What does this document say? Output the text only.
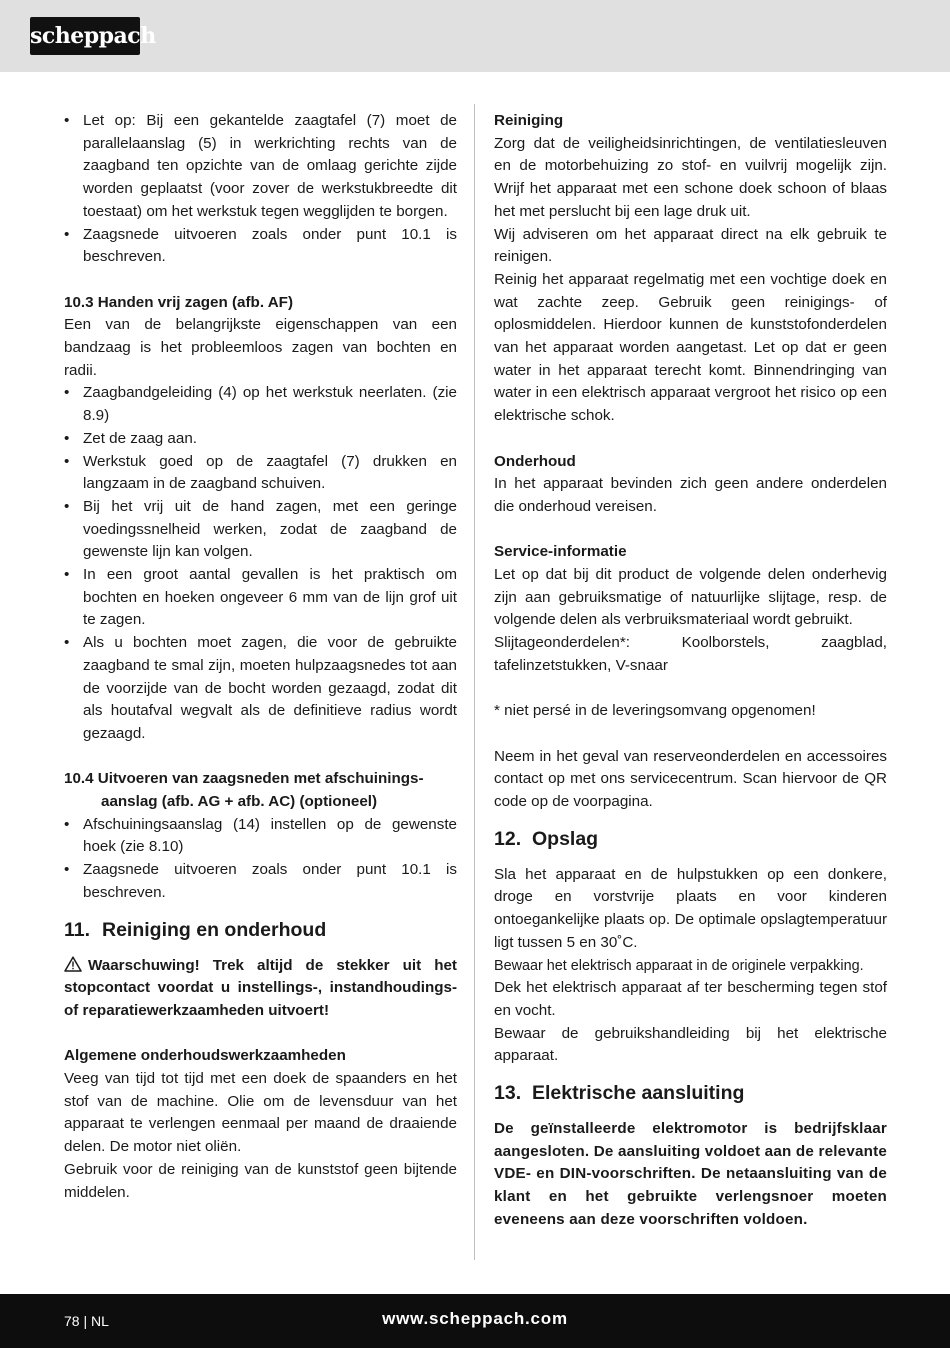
scheppach
• Let op: Bij een gekantelde zaagtafel (7) moet de parallelaanslag (5) in werkrichting rechts van de zaagband ten opzichte van de omlaag gerichte zijde worden geplaatst (voor zover de werkstukbreedte dit toestaat) om het werkstuk tegen wegglijden te borgen.
• Zaagsnede uitvoeren zoals onder punt 10.1 is beschreven.
10.3 Handen vrij zagen (afb. AF)
Een van de belangrijkste eigenschappen van een bandzaag is het probleemloos zagen van bochten en radii.
• Zaagbandgeleiding (4) op het werkstuk neerlaten. (zie 8.9)
• Zet de zaag aan.
• Werkstuk goed op de zaagtafel (7) drukken en langzaam in de zaagband schuiven.
• Bij het vrij uit de hand zagen, met een geringe voedingssnelheid werken, zodat de zaagband de gewenste lijn kan volgen.
• In een groot aantal gevallen is het praktisch om bochten en hoeken ongeveer 6 mm van de lijn grof uit te zagen.
• Als u bochten moet zagen, die voor de gebruikte zaagband te smal zijn, moeten hulpzaagsnedes tot aan de voorzijde van de bocht worden gezaagd, zodat dit als houtafval wegvalt als de definitieve radius wordt gezaagd.
10.4 Uitvoeren van zaagsneden met afschuinings-aanslag (afb. AG + afb. AC) (optioneel)
• Afschuiningsaanslag (14) instellen op de gewenste hoek (zie 8.10)
• Zaagsnede uitvoeren zoals onder punt 10.1 is beschreven.
11. Reiniging en onderhoud
Waarschuwing! Trek altijd de stekker uit het stopcontact voordat u instellings-, instandhoudings- of reparatiewerkzaamheden uitvoert!
Algemene onderhoudswerkzaamheden
Veeg van tijd tot tijd met een doek de spaanders en het stof van de machine. Olie om de levensduur van het apparaat te verlengen eenmaal per maand de draaiende delen. De motor niet oliën.
Gebruik voor de reiniging van de kunststof geen bijtende middelen.
Reiniging
Zorg dat de veiligheidsinrichtingen, de ventilatiesleuven en de motorbehuizing zo stof- en vuilvrij mogelijk zijn. Wrijf het apparaat met een schone doek schoon of blaas het met perslucht bij een lage druk uit.
Wij adviseren om het apparaat direct na elk gebruik te reinigen.
Reinig het apparaat regelmatig met een vochtige doek en wat zachte zeep. Gebruik geen reinigings- of oplosmiddelen. Hierdoor kunnen de kunststofonderdelen van het apparaat worden aangetast. Let op dat er geen water in het apparaat terecht komt. Binnendringing van water in een elektrisch apparaat vergroot het risico op een elektrische schok.
Onderhoud
In het apparaat bevinden zich geen andere onderdelen die onderhoud vereisen.
Service-informatie
Let op dat bij dit product de volgende delen onderhevig zijn aan gebruiksmatige of natuurlijke slijtage, resp. de volgende delen als verbruiksmateriaal wordt gebruikt.
Slijtageonderdelen*: Koolborstels, zaagblad, tafelinzetstukken, V-snaar
* niet persé in de leveringsomvang opgenomen!
Neem in het geval van reserveonderdelen en accessoires contact op met ons servicecentrum. Scan hiervoor de QR code op de voorpagina.
12. Opslag
Sla het apparaat en de hulpstukken op een donkere, droge en vorstvrije plaats en voor kinderen ontoegankelijke plaats op. De optimale opslagtemperatuur ligt tussen 5 en 30˚C.
Bewaar het elektrisch apparaat in de originele verpakking.
Dek het elektrisch apparaat af ter bescherming tegen stof en vocht.
Bewaar de gebruikshandleiding bij het elektrische apparaat.
13. Elektrische aansluiting
De geïnstalleerde elektromotor is bedrijfsklaar aangesloten. De aansluiting voldoet aan de relevante VDE- en DIN-voorschriften. De netaansluiting van de klant en het gebruikte verlengsnoer moeten eveneens aan deze voorschriften voldoen.
78 | NL	www.scheppach.com
